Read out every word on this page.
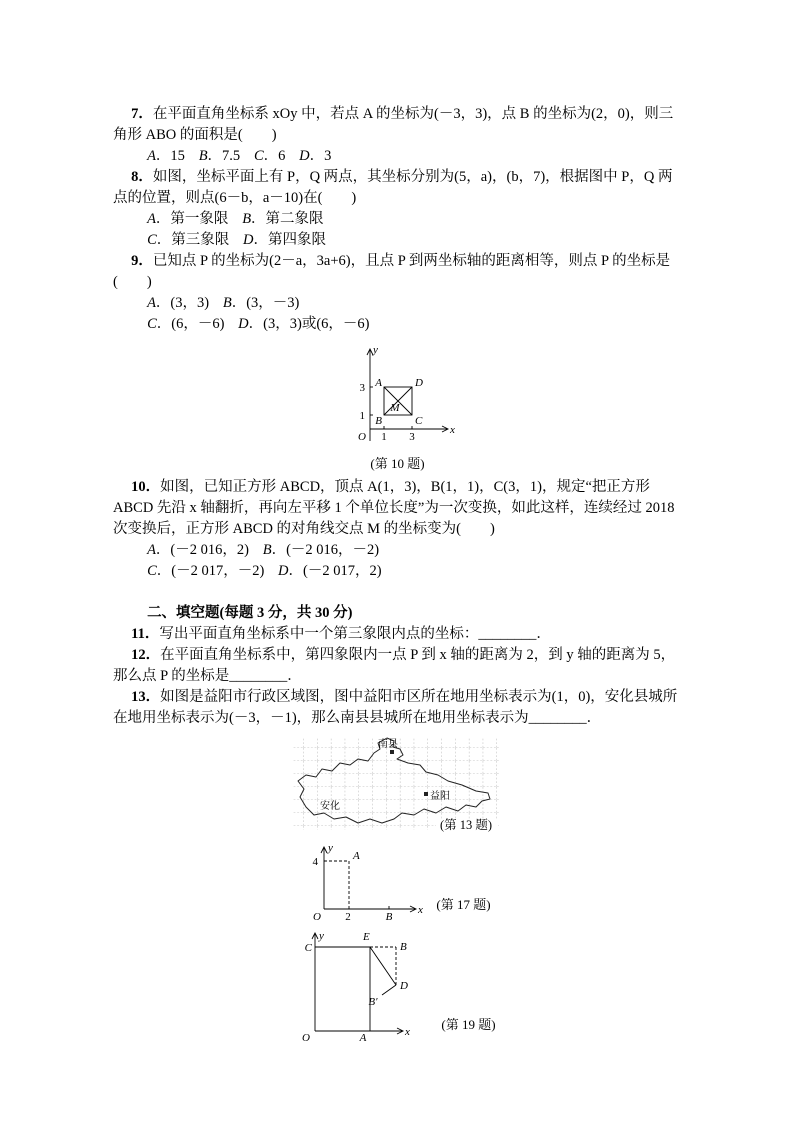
7．在平面直角坐标系 xOy 中，若点 A 的坐标为(－3，3)，点 B 的坐标为(2，0)，则三角形 ABO 的面积是(　　)

A．15 B．7.5 C．6 D．3

8．如图，坐标平面上有 P，Q 两点，其坐标分别为(5，a)，(b，7)，根据图中 P，Q 两点的位置，则点(6－b，a－10)在(　　)

A．第一象限 B．第二象限

C．第三象限 D．第四象限

9．已知点 P 的坐标为(2－a，3a+6)，且点 P 到两坐标轴的距离相等，则点 P 的坐标是(　　)

A．(3，3) B．(3，－3)

C．(6，－6) D．(3，3)或(6，－6)

y
x
O 1 3
3
1
A	D
B	C
M
(第 10 题)

10．如图，已知正方形 ABCD，顶点 A(1，3)，B(1，1)，C(3，1)，规定“把正方形 ABCD 先沿 x 轴翻折，再向左平移 1 个单位长度”为一次变换，如此这样，连续经过 2018 次变换后，正方形 ABCD 的对角线交点 M 的坐标变为(　　)

A．(－2 016，2) B．(－2 016，－2)

C．(－2 017，－2) D．(－2 017，2)

二、填空题(每题 3 分，共 30 分)

11．写出平面直角坐标系中一个第三象限内点的坐标：________．

12．在平面直角坐标系中，第四象限内一点 P 到 x 轴的距离为 2，到 y 轴的距离为 5，那么点 P 的坐标是________．

13．如图是益阳市行政区域图，图中益阳市区所在地用坐标表示为(1，0)，安化县城所在地用坐标表示为(－3，－1)，那么南县县城所在地用坐标表示为________．

南县
安化
益阳
(第 13 题)
y
x
O
4
2
A
B
(第 17 题)
y
x
O
C
E
B
D
B′
A
(第 19 题)
